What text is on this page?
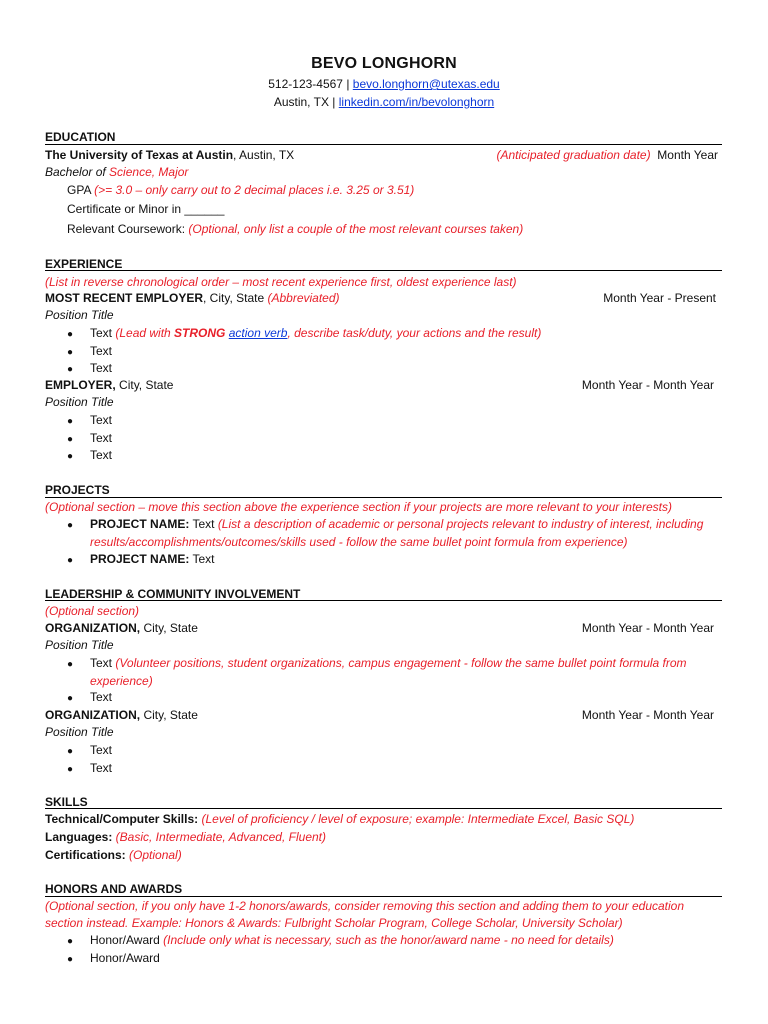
BEVO LONGHORN
512-123-4567 | bevo.longhorn@utexas.edu
Austin, TX | linkedin.com/in/bevolonghorn
EDUCATION
The University of Texas at Austin, Austin, TX	(Anticipated graduation date) Month Year
Bachelor of Science, Major
GPA (>= 3.0 – only carry out to 2 decimal places i.e. 3.25 or 3.51)
Certificate or Minor in ______
Relevant Coursework: (Optional, only list a couple of the most relevant courses taken)
EXPERIENCE
(List in reverse chronological order – most recent experience first, oldest experience last)
MOST RECENT EMPLOYER, City, State (Abbreviated)	Month Year - Present
Position Title
● Text (Lead with STRONG action verb, describe task/duty, your actions and the result)
● Text
● Text
EMPLOYER, City, State	Month Year - Month Year
Position Title
● Text
● Text
● Text
PROJECTS
(Optional section – move this section above the experience section if your projects are more relevant to your interests)
● PROJECT NAME: Text (List a description of academic or personal projects relevant to industry of interest, including results/accomplishments/outcomes/skills used - follow the same bullet point formula from experience)
● PROJECT NAME: Text
LEADERSHIP & COMMUNITY INVOLVEMENT
(Optional section)
ORGANIZATION, City, State	Month Year - Month Year
Position Title
● Text (Volunteer positions, student organizations, campus engagement - follow the same bullet point formula from experience)
● Text
ORGANIZATION, City, State	Month Year - Month Year
Position Title
● Text
● Text
SKILLS
Technical/Computer Skills: (Level of proficiency / level of exposure; example: Intermediate Excel, Basic SQL)
Languages: (Basic, Intermediate, Advanced, Fluent)
Certifications: (Optional)
HONORS AND AWARDS
(Optional section, if you only have 1-2 honors/awards, consider removing this section and adding them to your education section instead. Example: Honors & Awards: Fulbright Scholar Program, College Scholar, University Scholar)
● Honor/Award (Include only what is necessary, such as the honor/award name - no need for details)
● Honor/Award
